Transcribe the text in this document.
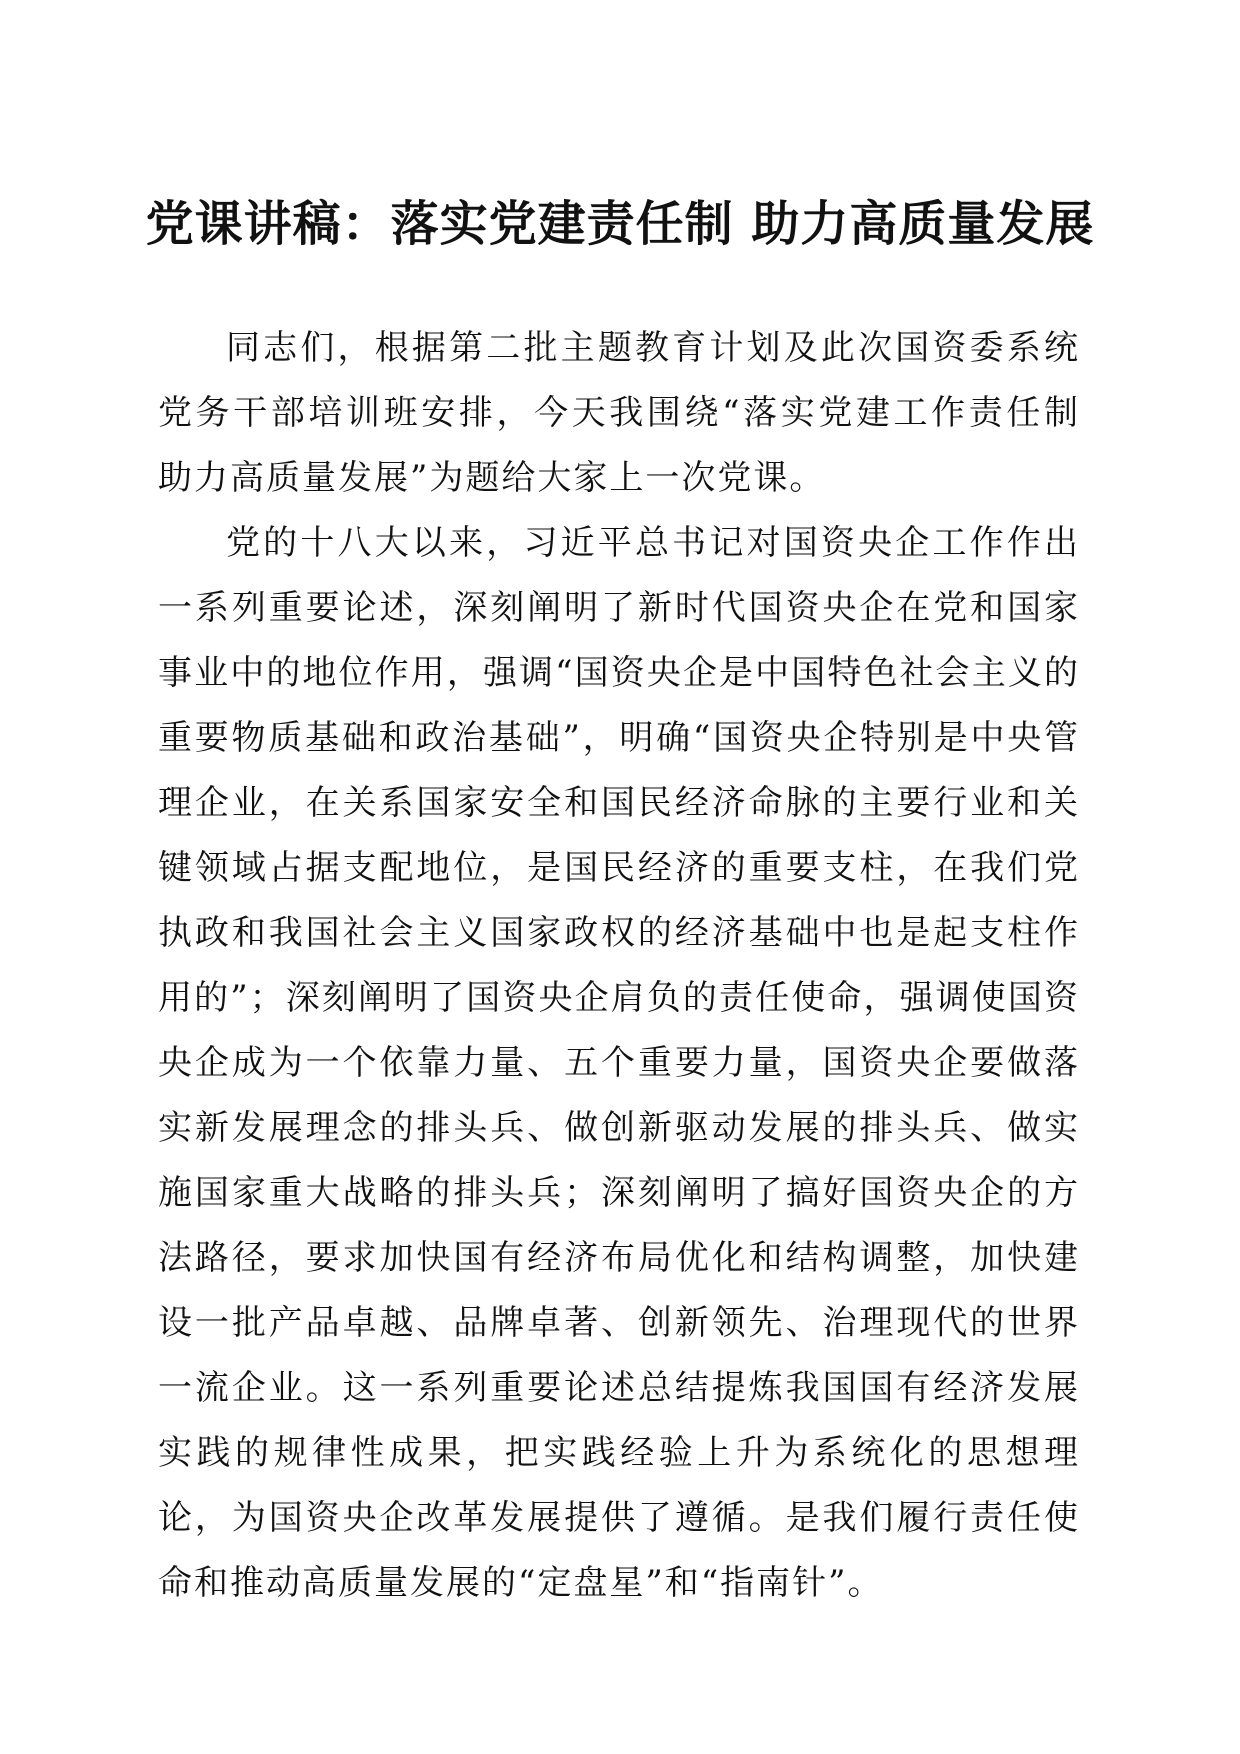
党课讲稿：落实党建责任制 助力高质量发展

同志们，根据第二批主题教育计划及此次国资委系统党务干部培训班安排，今天我围绕“落实党建工作责任制 助力高质量发展”为题给大家上一次党课。

党的十八大以来，习近平总书记对国资央企工作作出一系列重要论述，深刻阐明了新时代国资央企在党和国家事业中的地位作用，强调“国资央企是中国特色社会主义的重要物质基础和政治基础”，明确“国资央企特别是中央管理企业，在关系国家安全和国民经济命脉的主要行业和关键领域占据支配地位，是国民经济的重要支柱，在我们党执政和我国社会主义国家政权的经济基础中也是起支柱作用的”；深刻阐明了国资央企肩负的责任使命，强调使国资央企成为一个依靠力量、五个重要力量，国资央企要做落实新发展理念的排头兵、做创新驱动发展的排头兵、做实施国家重大战略的排头兵；深刻阐明了搞好国资央企的方法路径，要求加快国有经济布局优化和结构调整，加快建设一批产品卓越、品牌卓著、创新领先、治理现代的世界一流企业。这一系列重要论述总结提炼我国国有经济发展实践的规律性成果，把实践经验上升为系统化的思想理论，为国资央企改革发展提供了遵循。是我们履行责任使命和推动高质量发展的“定盘星”和“指南针”。
